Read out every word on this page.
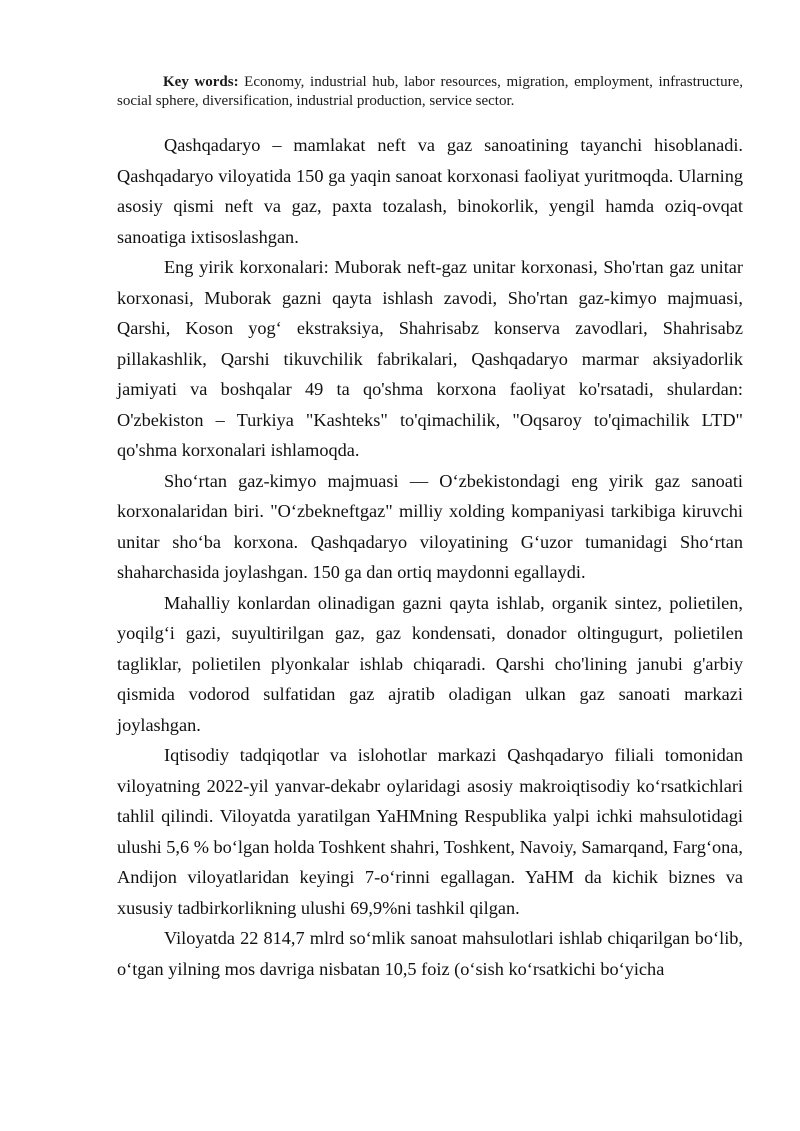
Key words: Economy, industrial hub, labor resources, migration, employment, infrastructure, social sphere, diversification, industrial production, service sector.

Qashqadaryo – mamlakat neft va gaz sanoatining tayanchi hisoblanadi. Qashqadaryo viloyatida 150 ga yaqin sanoat korxonasi faoliyat yuritmoqda. Ularning asosiy qismi neft va gaz, paxta tozalash, binokorlik, yengil hamda oziq-ovqat sanoatiga ixtisoslashgan.

Eng yirik korxonalari: Muborak neft-gaz unitar korxonasi, Sho'rtan gaz unitar korxonasi, Muborak gazni qayta ishlash zavodi, Sho'rtan gaz-kimyo majmuasi, Qarshi, Koson yog‘ ekstraksiya, Shahrisabz konserva zavodlari, Shahrisabz pillakashlik, Qarshi tikuvchilik fabrikalari, Qashqadaryo marmar aksiyadorlik jamiyati va boshqalar 49 ta qo'shma korxona faoliyat ko'rsatadi, shulardan: O'zbekiston – Turkiya "Kashteks" to'qimachilik, "Oqsaroy to'qimachilik LTD" qo'shma korxonalari ishlamoqda.

Sho‘rtan gaz-kimyo majmuasi — O‘zbekistondagi eng yirik gaz sanoati korxonalaridan biri. "O‘zbekneftgaz" milliy xolding kompaniyasi tarkibiga kiruvchi unitar sho‘ba korxona. Qashqadaryo viloyatining G‘uzor tumanidagi Sho‘rtan shaharchasida joylashgan. 150 ga dan ortiq maydonni egallaydi.

Mahalliy konlardan olinadigan gazni qayta ishlab, organik sintez, polietilen, yoqilg‘i gazi, suyultirilgan gaz, gaz kondensati, donador oltingugurt, polietilen tagliklar, polietilen plyonkalar ishlab chiqaradi. Qarshi cho'lining janubi g'arbiy qismida vodorod sulfatidan gaz ajratib oladigan ulkan gaz sanoati markazi joylashgan.

Iqtisodiy tadqiqotlar va islohotlar markazi Qashqadaryo filiali tomonidan viloyatning 2022-yil yanvar-dekabr oylaridagi asosiy makroiqtisodiy ko‘rsatkichlari tahlil qilindi. Viloyatda yaratilgan YaHMning Respublika yalpi ichki mahsulotidagi ulushi 5,6 % bo‘lgan holda Toshkent shahri, Toshkent, Navoiy, Samarqand, Farg‘ona, Andijon viloyatlaridan keyingi 7-o‘rinni egallagan. YaHM da kichik biznes va xususiy tadbirkorlikning ulushi 69,9%ni tashkil qilgan.

Viloyatda 22 814,7 mlrd so‘mlik sanoat mahsulotlari ishlab chiqarilgan bo‘lib, o‘tgan yilning mos davriga nisbatan 10,5 foiz (o‘sish ko‘rsatkichi bo‘yicha
